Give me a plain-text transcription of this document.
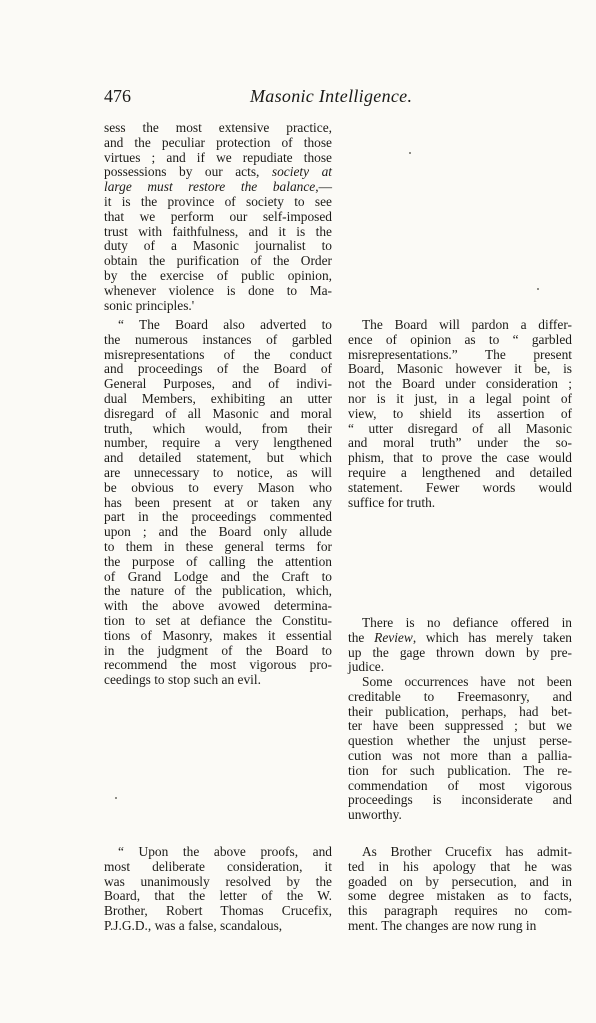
476	Masonic Intelligence.
sess the most extensive practice,
and the peculiar protection of those
virtues ; and if we repudiate those
possessions by our acts, society at
large must restore the balance,—
it is the province of society to see
that we perform our self-imposed
trust with faithfulness, and it is the
duty of a Masonic journalist to
obtain the purification of the Order
by the exercise of public opinion,
whenever violence is done to Ma-
sonic principles.'
“ The Board also adverted to
the numerous instances of garbled
misrepresentations of the conduct
and proceedings of the Board of
General Purposes, and of indivi-
dual Members, exhibiting an utter
disregard of all Masonic and moral
truth, which would, from their
number, require a very lengthened
and detailed statement, but which
are unnecessary to notice, as will
be obvious to every Mason who
has been present at or taken any
part in the proceedings commented
upon ; and the Board only allude
to them in these general terms for
the purpose of calling the attention
of Grand Lodge and the Craft to
the nature of the publication, which,
with the above avowed determina-
tion to set at defiance the Constitu-
tions of Masonry, makes it essential
in the judgment of the Board to
recommend the most vigorous pro-
ceedings to stop such an evil.
“ Upon the above proofs, and
most deliberate consideration, it
was unanimously resolved by the
Board, that the letter of the W.
Brother, Robert Thomas Crucefix,
P.J.G.D., was a false, scandalous,
The Board will pardon a differ-
ence of opinion as to “ garbled
misrepresentations.” The present
Board, Masonic however it be, is
not the Board under consideration ;
nor is it just, in a legal point of
view, to shield its assertion of
“ utter disregard of all Masonic
and moral truth” under the so-
phism, that to prove the case would
require a lengthened and detailed
statement. Fewer words would
suffice for truth.
There is no defiance offered in
the Review, which has merely taken
up the gage thrown down by pre-
judice.
Some occurrences have not been
creditable to Freemasonry, and
their publication, perhaps, had bet-
ter have been suppressed ; but we
question whether the unjust perse-
cution was not more than a pallia-
tion for such publication. The re-
commendation of most vigorous
proceedings is inconsiderate and
unworthy.
As Brother Crucefix has admit-
ted in his apology that he was
goaded on by persecution, and in
some degree mistaken as to facts,
this paragraph requires no com-
ment. The changes are now rung in
